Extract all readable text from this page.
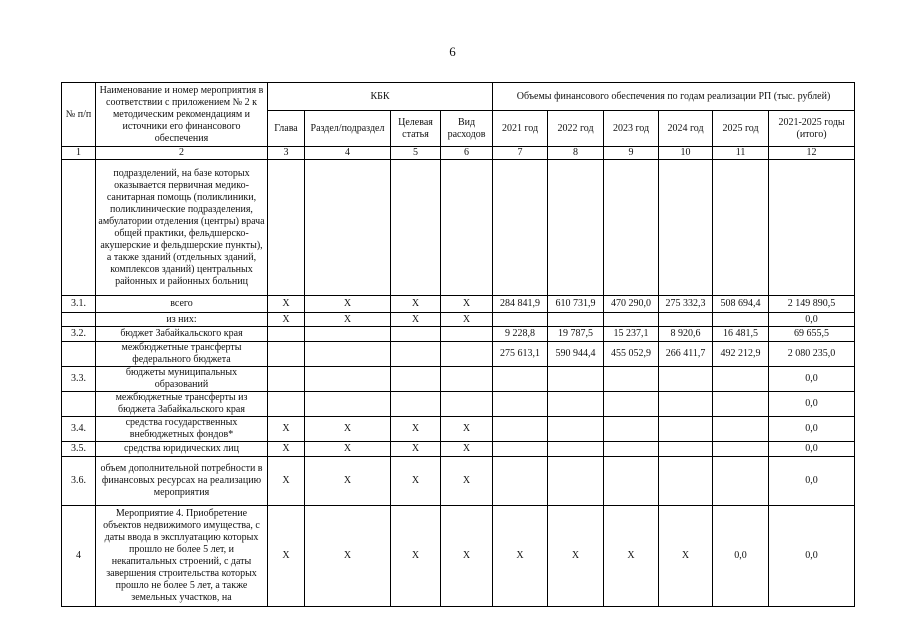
6
№ п/п	Наименование и номер мероприятия в соответствии с приложением № 2 к методическим рекомендациям и источники его финансового обеспечения	КБК				Объемы финансового обеспечения по годам реализации РП (тыс. рублей)					
		Глава	Раздел/подраздел	Целевая статья	Вид расходов	2021 год	2022 год	2023 год	2024 год	2025 год	2021-2025 годы (итого)
1	2	3	4	5	6	7	8	9	10	11	12
	подразделений, на базе которых оказывается первичная медико-санитарная помощь (поликлиники, поликлинические подразделения, амбулатории отделения (центры) врача общей практики, фельдшерско-акушерские и фельдшерские пункты), а также зданий (отдельных зданий, комплексов зданий) центральных районных и районных больниц										
3.1.	всего	X	X	X	X	284 841,9	610 731,9	470 290,0	275 332,3	508 694,4	2 149 890,5
	из них:	X	X	X	X						0,0
3.2.	бюджет Забайкальского края					9 228,8	19 787,5	15 237,1	8 920,6	16 481,5	69 655,5
	межбюджетные трансферты федерального бюджета					275 613,1	590 944,4	455 052,9	266 411,7	492 212,9	2 080 235,0
3.3.	бюджеты муниципальных образований										0,0
	межбюджетные трансферты из бюджета Забайкальского края										0,0
3.4.	средства государственных внебюджетных фондов*	X	X	X	X						0,0
3.5.	средства юридических лиц	X	X	X	X						0,0
3.6.	объем дополнительной потребности в финансовых ресурсах на реализацию мероприятия	X	X	X	X						0,0
4	Мероприятие 4. Приобретение объектов недвижимого имущества, с даты ввода в эксплуатацию которых прошло не более 5 лет, и некапитальных строений, с даты завершения строительства которых прошло не более 5 лет, а также земельных участков, на	X	X	X	X	X	X	X	X	0,0	0,0
